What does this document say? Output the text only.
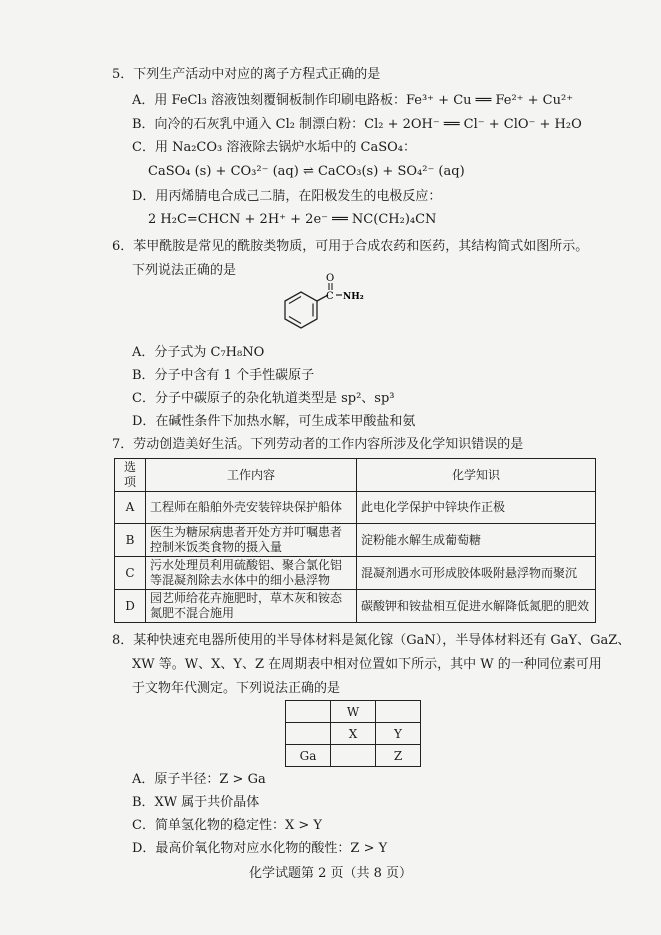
5．下列生产活动中对应的离子方程式正确的是
A．用 FeCl₃ 溶液蚀刻覆铜板制作印刷电路板：Fe³⁺ + Cu ══ Fe²⁺ + Cu²⁺
B．向冷的石灰乳中通入 Cl₂ 制漂白粉：Cl₂ + 2OH⁻ ══ Cl⁻ + ClO⁻ + H₂O
C．用 Na₂CO₃ 溶液除去锅炉水垢中的 CaSO₄：
CaSO₄ (s) + CO₃²⁻ (aq) ⇌ CaCO₃(s) + SO₄²⁻ (aq)
D．用丙烯腈电合成己二腈，在阳极发生的电极反应：
2 H₂C=CHCN + 2H⁺ + 2e⁻ ══ NC(CH₂)₄CN
6．苯甲酰胺是常见的酰胺类物质，可用于合成农药和医药，其结构简式如图所示。
下列说法正确的是
O
C NH₂
A．分子式为 C₇H₈NO
B．分子中含有 1 个手性碳原子
C．分子中碳原子的杂化轨道类型是 sp²、sp³
D．在碱性条件下加热水解，可生成苯甲酸盐和氨
7．劳动创造美好生活。下列劳动者的工作内容所涉及化学知识错误的是
选项	工作内容	化学知识
A	工程师在船舶外壳安装锌块保护船体	此电化学保护中锌块作正极
B	医生为糖尿病患者开处方并叮嘱患者控制米饭类食物的摄入量	淀粉能水解生成葡萄糖
C	污水处理员利用硫酸铝、聚合氯化铝等混凝剂除去水体中的细小悬浮物	混凝剂遇水可形成胶体吸附悬浮物而聚沉
D	园艺师给花卉施肥时，草木灰和铵态氮肥不混合施用	碳酸钾和铵盐相互促进水解降低氮肥的肥效
8．某种快速充电器所使用的半导体材料是氮化镓（GaN），半导体材料还有 GaY、GaZ、
XW 等。W、X、Y、Z 在周期表中相对位置如下所示，其中 W 的一种同位素可用
于文物年代测定。下列说法正确的是
	W	
	X	Y
Ga		Z
A．原子半径：Z > Ga
B．XW 属于共价晶体
C．简单氢化物的稳定性：X > Y
D．最高价氧化物对应水化物的酸性：Z > Y
化学试题第 2 页（共 8 页）
